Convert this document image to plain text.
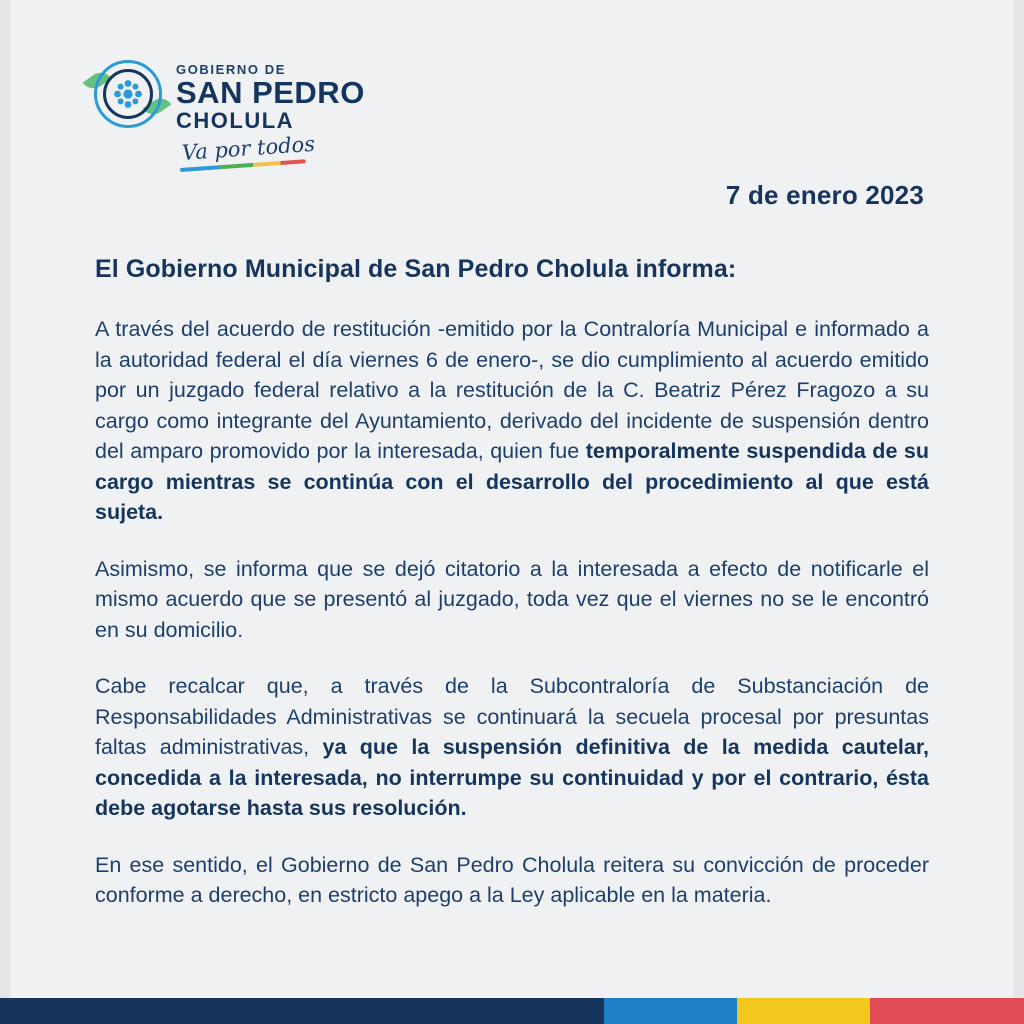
GOBIERNO DE
SAN PEDRO
CHOLULA
Va por todos
7 de enero 2023
El Gobierno Municipal de San Pedro Cholula informa:

A través del acuerdo de restitución -emitido por la Contraloría Municipal e informado a la autoridad federal el día viernes 6 de enero-, se dio cumplimiento al acuerdo emitido por un juzgado federal relativo a la restitución de la C. Beatriz Pérez Fragozo a su cargo como integrante del Ayuntamiento, derivado del incidente de suspensión dentro del amparo promovido por la interesada, quien fue temporalmente suspendida de su cargo mientras se continúa con el desarrollo del procedimiento al que está sujeta.

Asimismo, se informa que se dejó citatorio a la interesada a efecto de notificarle el mismo acuerdo que se presentó al juzgado, toda vez que el viernes no se le encontró en su domicilio.

Cabe recalcar que, a través de la Subcontraloría de Substanciación de Responsabilidades Administrativas se continuará la secuela procesal por presuntas faltas administrativas, ya que la suspensión definitiva de la medida cautelar, concedida a la interesada, no interrumpe su continuidad y por el contrario, ésta debe agotarse hasta sus resolución.

En ese sentido, el Gobierno de San Pedro Cholula reitera su convicción de proceder conforme a derecho, en estricto apego a la Ley aplicable en la materia.
